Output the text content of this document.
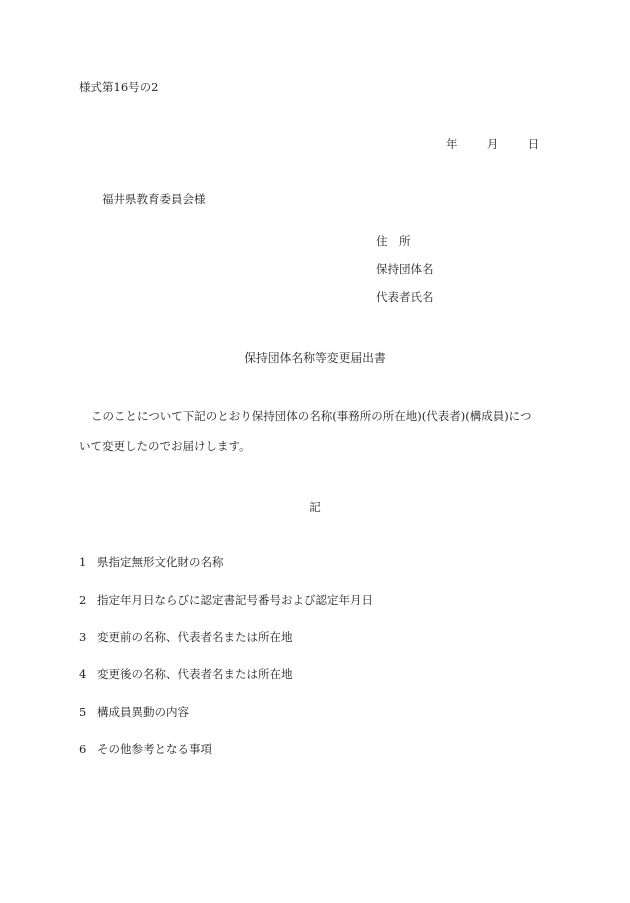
様式第16号の2
年	月	日
福井県教育委員会様
住　所
保持団体名
代表者氏名
保持団体名称等変更届出書
このことについて下記のとおり保持団体の名称(事務所の所在地)(代表者)(構成員)につ
いて変更したのでお届けします。
記
1 県指定無形文化財の名称
2 指定年月日ならびに認定書記号番号および認定年月日
3 変更前の名称、代表者名または所在地
4 変更後の名称、代表者名または所在地
5 構成員異動の内容
6 その他参考となる事項
